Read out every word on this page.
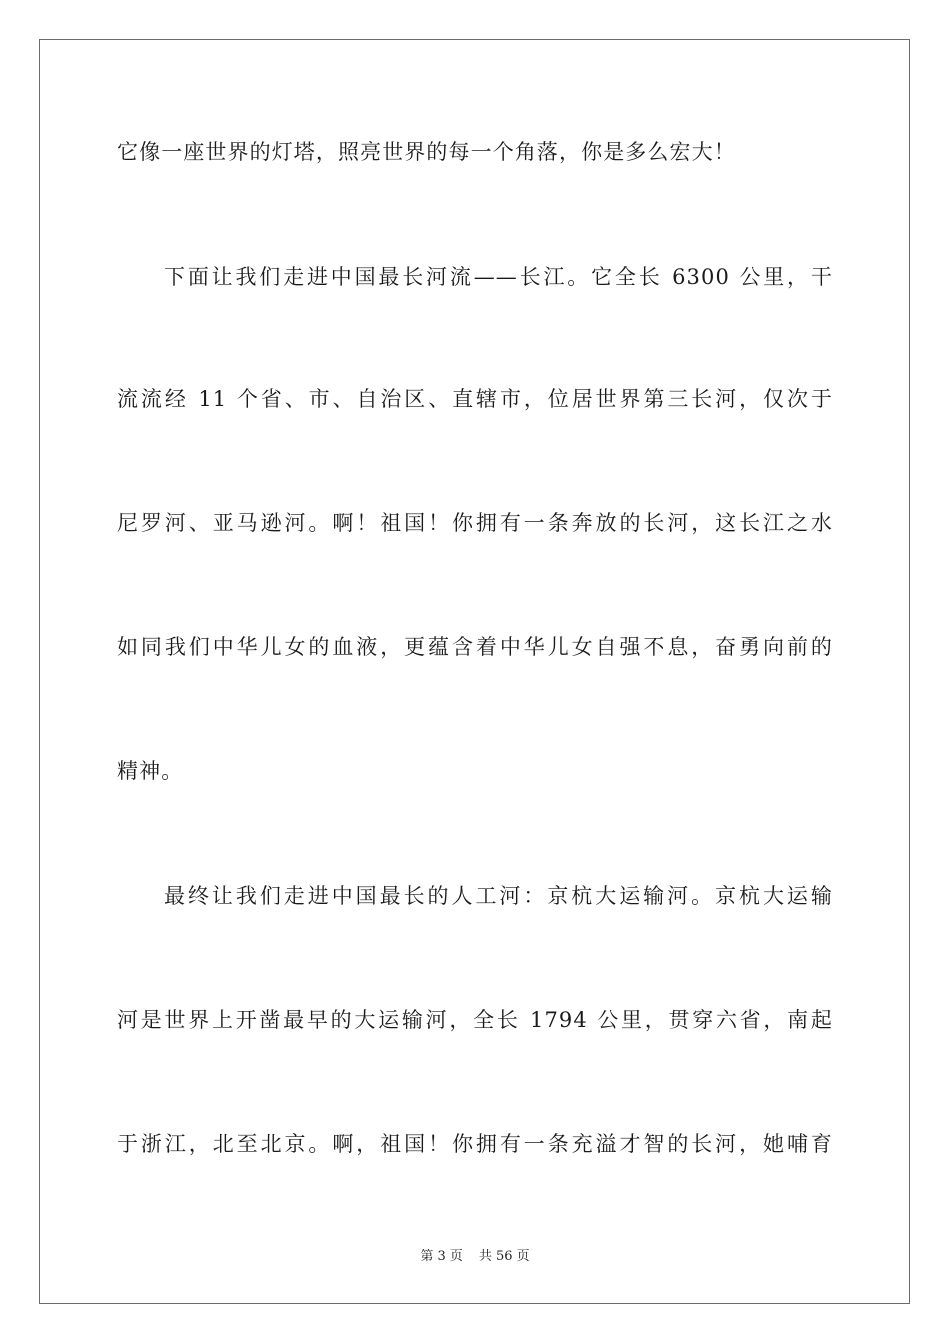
它像一座世界的灯塔，照亮世界的每一个角落，你是多么宏大！

下面让我们走进中国最长河流——长江。它全长 6300 公里，干

流流经 11 个省、市、自治区、直辖市，位居世界第三长河，仅次于

尼罗河、亚马逊河。啊！祖国！你拥有一条奔放的长河，这长江之水

如同我们中华儿女的血液，更蕴含着中华儿女自强不息，奋勇向前的

精神。

最终让我们走进中国最长的人工河：京杭大运输河。京杭大运输

河是世界上开凿最早的大运输河，全长 1794 公里，贯穿六省，南起

于浙江，北至北京。啊，祖国！你拥有一条充溢才智的长河，她哺育

第 3 页 共 56 页
